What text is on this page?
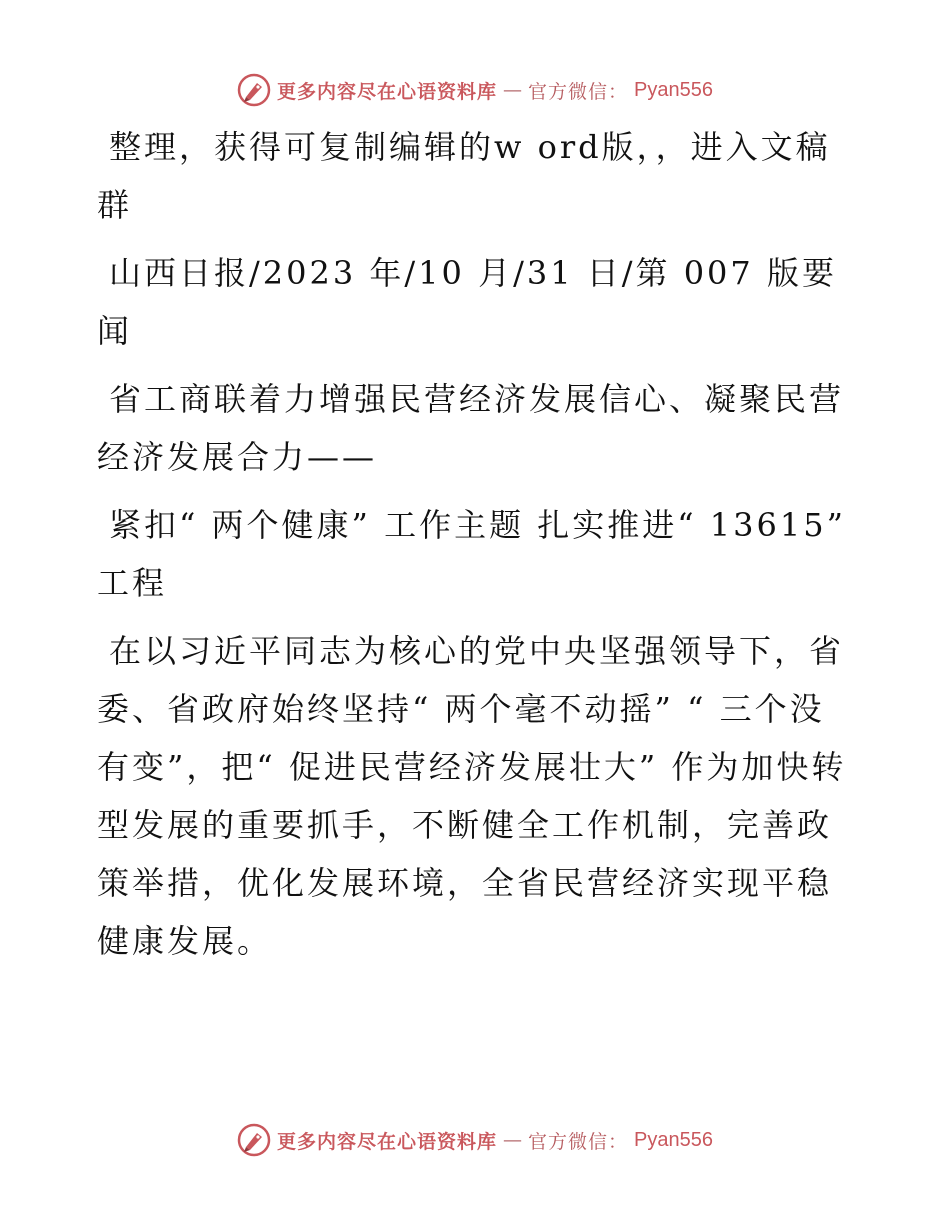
更多内容尽在心语资料库 — 官方微信： Pyan556

整理，获得可复制编辑的w ord版，，进入文稿群

山西日报/2023 年/10 月/31 日/第 007 版要闻

省工商联着力增强民营经济发展信心、凝聚民营经济发展合力——

紧扣“ 两个健康” 工作主题 扎实推进“ 13615” 工程

在以习近平同志为核心的党中央坚强领导下，省委、省政府始终坚持“ 两个毫不动摇” “ 三个没有变”，把“ 促进民营经济发展壮大” 作为加快转型发展的重要抓手，不断健全工作机制，完善政策举措，优化发展环境，全省民营经济实现平稳健康发展。

更多内容尽在心语资料库 — 官方微信： Pyan556
